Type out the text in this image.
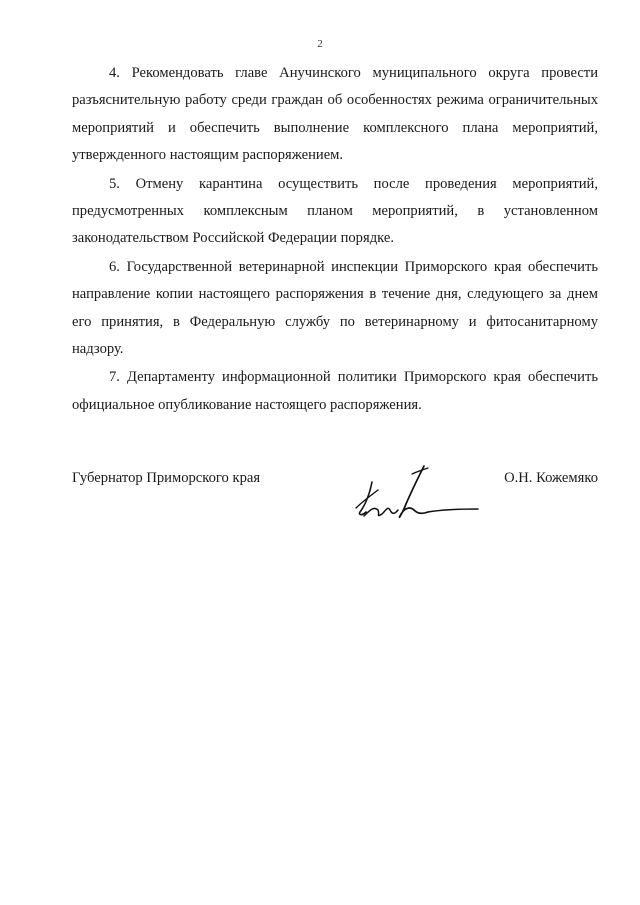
2

4. Рекомендовать главе Анучинского муниципального округа провести разъяснительную работу среди граждан об особенностях режима ограничительных мероприятий и обеспечить выполнение комплексного плана мероприятий, утвержденного настоящим распоряжением.

5. Отмену карантина осуществить после проведения мероприятий, предусмотренных комплексным планом мероприятий, в установленном законодательством Российской Федерации порядке.

6. Государственной ветеринарной инспекции Приморского края обеспечить направление копии настоящего распоряжения в течение дня, следующего за днем его принятия, в Федеральную службу по ветеринарному и фитосанитарному надзору.

7. Департаменту информационной политики Приморского края обеспечить официальное опубликование настоящего распоряжения.

Губернатор Приморского края	О.Н. Кожемяко
